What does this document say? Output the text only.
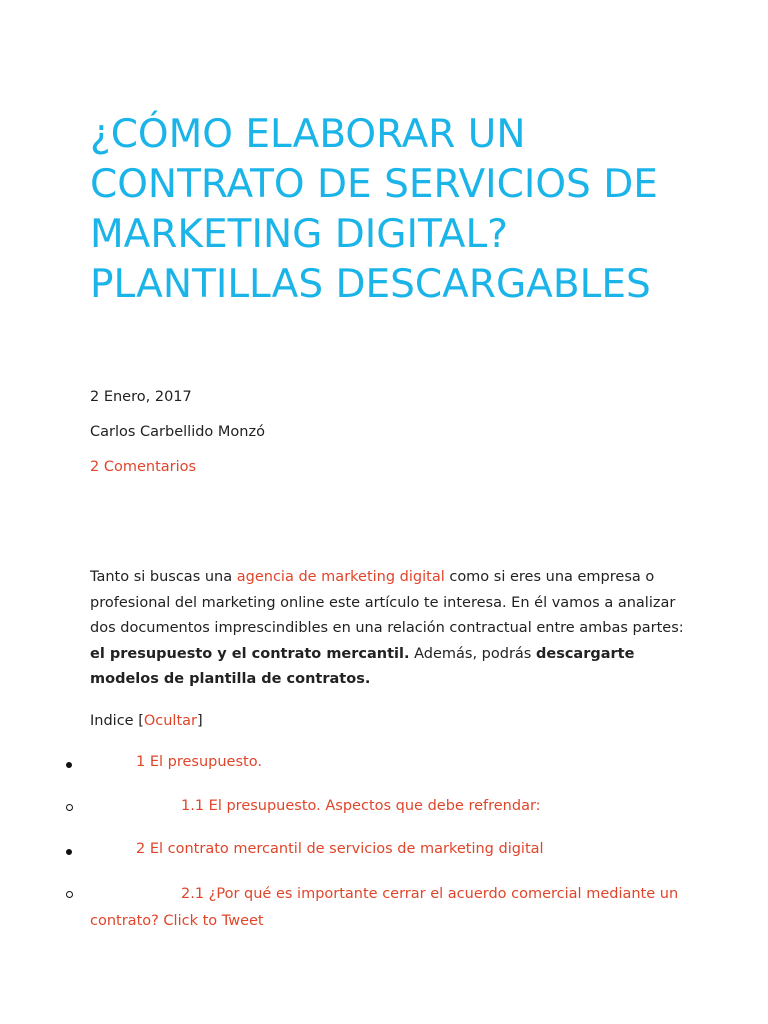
¿CÓMO ELABORAR UN CONTRATO DE SERVICIOS DE MARKETING DIGITAL? PLANTILLAS DESCARGABLES
2 Enero, 2017
Carlos Carbellido Monzó
2 Comentarios

Tanto si buscas una agencia de marketing digital como si eres una empresa o profesional del marketing online este artículo te interesa. En él vamos a analizar dos documentos imprescindibles en una relación contractual entre ambas partes: el presupuesto y el contrato mercantil. Además, podrás descargarte modelos de plantilla de contratos.

Indice [Ocultar]
1 El presupuesto.
1.1 El presupuesto. Aspectos que debe refrendar:
2 El contrato mercantil de servicios de marketing digital
2.1 ¿Por qué es importante cerrar el acuerdo comercial mediante un contrato? Click to Tweet
